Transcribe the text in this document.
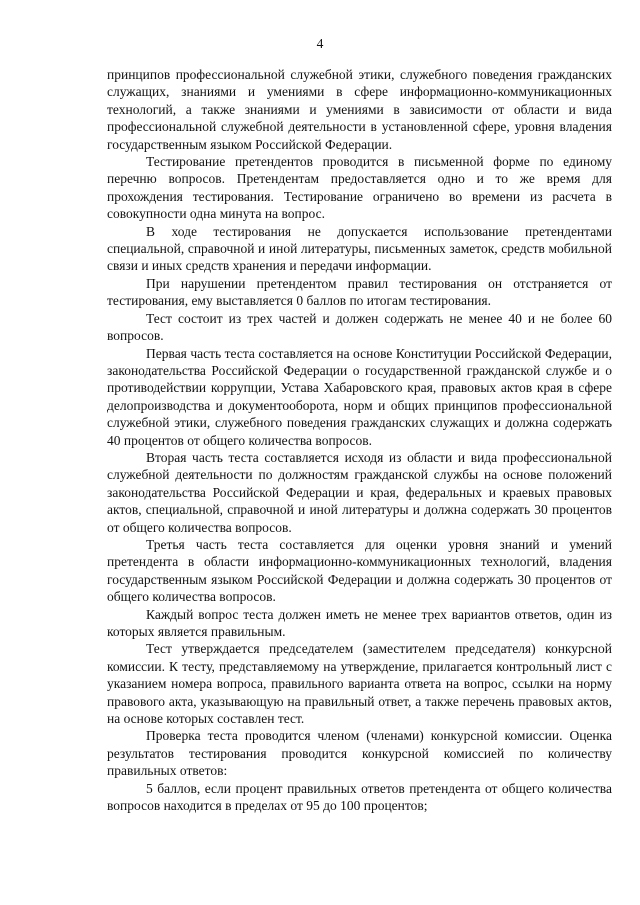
4

принципов профессиональной служебной этики, служебного поведения гражданских служащих, знаниями и умениями в сфере информационно-коммуникационных технологий, а также знаниями и умениями в зависимости от области и вида профессиональной служебной деятельности в установленной сфере, уровня владения государственным языком Российской Федерации.

Тестирование претендентов проводится в письменной форме по единому перечню вопросов. Претендентам предоставляется одно и то же время для прохождения тестирования. Тестирование ограничено во времени из расчета в совокупности одна минута на вопрос.

В ходе тестирования не допускается использование претендентами специальной, справочной и иной литературы, письменных заметок, средств мобильной связи и иных средств хранения и передачи информации.

При нарушении претендентом правил тестирования он отстраняется от тестирования, ему выставляется 0 баллов по итогам тестирования.

Тест состоит из трех частей и должен содержать не менее 40 и не более 60 вопросов.

Первая часть теста составляется на основе Конституции Российской Федерации, законодательства Российской Федерации о государственной гражданской службе и о противодействии коррупции, Устава Хабаровского края, правовых актов края в сфере делопроизводства и документооборота, норм и общих принципов профессиональной служебной этики, служебного поведения гражданских служащих и должна содержать 40 процентов от общего количества вопросов.

Вторая часть теста составляется исходя из области и вида профессиональной служебной деятельности по должностям гражданской службы на основе положений законодательства Российской Федерации и края, федеральных и краевых правовых актов, специальной, справочной и иной литературы и должна содержать 30 процентов от общего количества вопросов.

Третья часть теста составляется для оценки уровня знаний и умений претендента в области информационно-коммуникационных технологий, владения государственным языком Российской Федерации и должна содержать 30 процентов от общего количества вопросов.

Каждый вопрос теста должен иметь не менее трех вариантов ответов, один из которых является правильным.

Тест утверждается председателем (заместителем председателя) конкурсной комиссии. К тесту, представляемому на утверждение, прилагается контрольный лист с указанием номера вопроса, правильного варианта ответа на вопрос, ссылки на норму правового акта, указывающую на правильный ответ, а также перечень правовых актов, на основе которых составлен тест.

Проверка теста проводится членом (членами) конкурсной комиссии. Оценка результатов тестирования проводится конкурсной комиссией по количеству правильных ответов:

5 баллов, если процент правильных ответов претендента от общего количества вопросов находится в пределах от 95 до 100 процентов;
